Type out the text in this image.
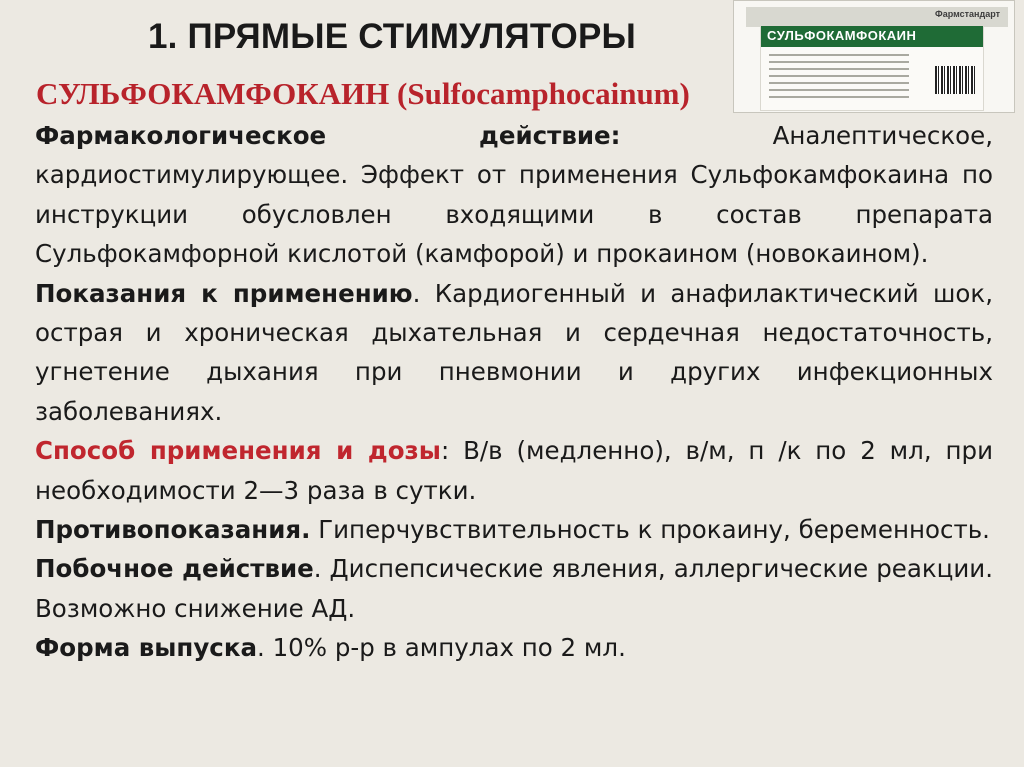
1. ПРЯМЫЕ СТИМУЛЯТОРЫ
СУЛЬФОКАМФОКАИН (Sulfocamphocainum)
Фармстандарт
СУЛЬФОКАМФОКАИН

Фармакологическое действие: Аналептическое, кардиостимулирующее. Эффект от применения Сульфокамфокаина по инструкции обусловлен входящими в состав препарата Сульфокамфорной кислотой (камфорой) и прокаином (новокаином).

Показания к применению. Кардиогенный и анафилактический шок, острая и хроническая дыхательная и сердечная недостаточность, угнетение дыхания при пневмонии и других инфекционных заболеваниях.

Способ применения и дозы: В/в (медленно), в/м, п /к по 2 мл, при необходимости 2—3 раза в сутки.

Противопоказания. Гиперчувствительность к прокаину, беременность.

Побочное действие. Диспепсические явления, аллергические реакции. Возможно снижение АД.

Форма выпуска. 10% р-р в ампулах по 2 мл.
